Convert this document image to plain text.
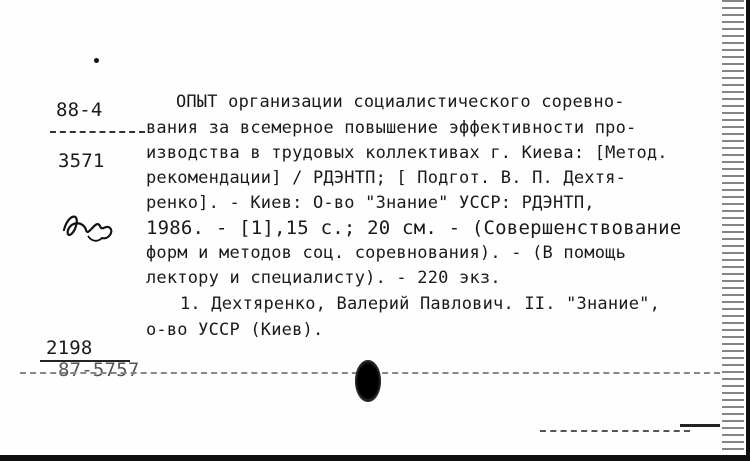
88-4
3571
ОПЫТ организации социалистического соревно-
вания за всемерное повышение эффективности про-
изводства в трудовых коллективах г. Киева: [Метод.
рекомендации] / РДЭНТП; [ Подгот. В. П. Дехтя-
ренко]. - Киев: О-во "Знание" УССР: РДЭНТП,
1986. - [1],15 с.; 20 см. - (Совершенствование
форм и методов соц. соревнования). - (В помощь
лектору и специалисту). - 220 экз.
1. Дехтяренко, Валерий Павлович. II. "Знание",
о-во УССР (Киев).
2198
87-5757
